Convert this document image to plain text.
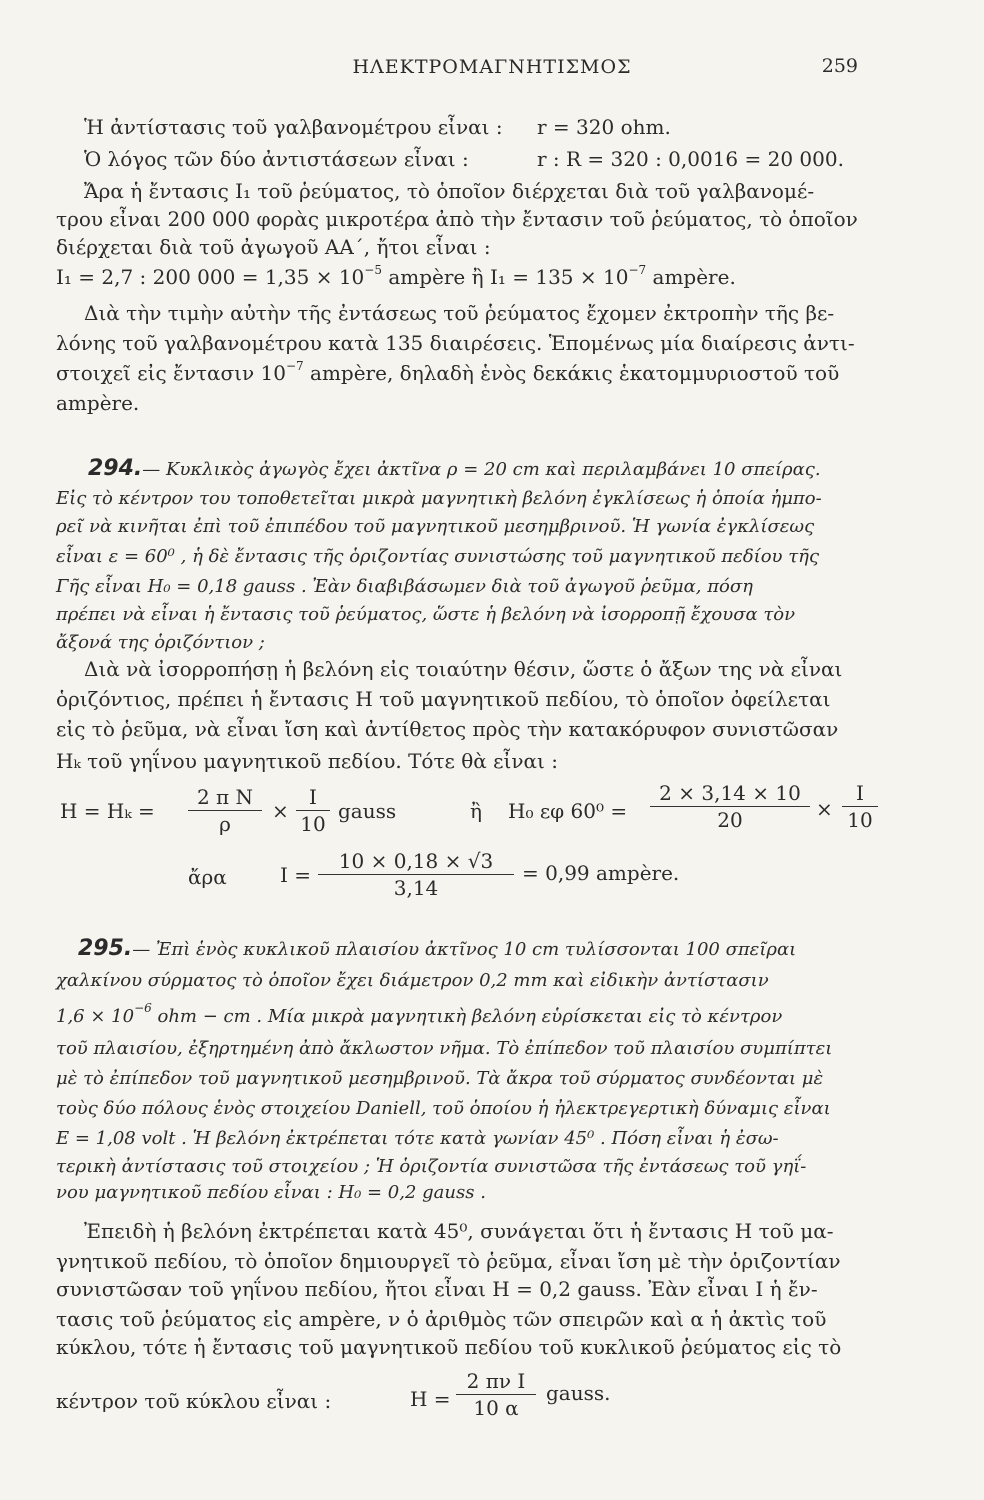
ΗΛΕΚΤΡΟΜΑΓΝΗΤΙΣΜΟΣ	259
Ἡ ἀντίστασις τοῦ γαλβανομέτρου εἶναι : r = 320 ohm.
Ὁ λόγος τῶν δύο ἀντιστάσεων εἶναι :	r : R = 320 : 0,0016 = 20 000.
Ἄρα ἡ ἔντασις I₁ τοῦ ῥεύματος, τὸ ὁποῖον διέρχεται διὰ τοῦ γαλβανομέ-
τρου εἶναι 200 000 φορὰς μικροτέρα ἀπὸ τὴν ἔντασιν τοῦ ῥεύματος, τὸ ὁποῖον
διέρχεται διὰ τοῦ ἀγωγοῦ ΑΑ΄, ἤτοι εἶναι :
I₁ = 2,7 : 200 $000 = 1,35 \times 10^{-5}$ ampère ἢ $I_1 = 135 \times 10^{-7}$ ampère.
Διὰ τὴν τιμὴν αὐτὴν τῆς ἐντάσεως τοῦ ῥεύματος ἔχομεν ἐκτροπὴν τῆς βε-
λόνης τοῦ γαλβανομέτρου κατὰ 135 διαιρέσεις. Ἑπομένως μία διαίρεσις ἀντι-
στοιχεῖ εἰς ἔντασιν $10^{-7}$ ampère, δηλαδὴ ἑνὸς δεκάκις ἑκατομμυριοστοῦ τοῦ
ampère.
294.— Κυκλικὸς ἀγωγὸς ἔχει ἀκτῖνα ρ = 20 cm καὶ περιλαμβάνει 10 σπείρας.
Εἰς τὸ κέντρον του τοποθετεῖται μικρὰ μαγνητικὴ βελόνη ἐγκλίσεως ἡ ὁποία ἠμπο-
ρεῖ νὰ κινῆται ἐπὶ τοῦ ἐπιπέδου τοῦ μαγνητικοῦ μεσημβρινοῦ. Ἡ γωνία ἐγκλίσεως
εἶναι ε = 60⁰ , ἡ δὲ ἔντασις τῆς ὁριζοντίας συνιστώσης τοῦ μαγνητικοῦ πεδίου τῆς
Γῆς εἶναι H₀ = 0,18 gauss . Ἐὰν διαβιβάσωμεν διὰ τοῦ ἀγωγοῦ ῥεῦμα, πόση
πρέπει νὰ εἶναι ἡ ἔντασις τοῦ ῥεύματος, ὥστε ἡ βελόνη νὰ ἰσορροπῇ ἔχουσα τὸν
ἄξονά της ὁριζόντιον ;
Διὰ νὰ ἰσορροπήσῃ ἡ βελόνη εἰς τοιαύτην θέσιν, ὥστε ὁ ἄξων της νὰ εἶναι
ὁριζόντιος, πρέπει ἡ ἔντασις H τοῦ μαγνητικοῦ πεδίου, τὸ ὁποῖον ὀφείλεται
εἰς τὸ ῥεῦμα, νὰ εἶναι ἴση καὶ ἀντίθετος πρὸς τὴν κατακόρυφον συνιστῶσαν
Hₖ τοῦ γηΐνου μαγνητικοῦ πεδίου. Τότε θὰ εἶναι :
$H = H_k = \frac{\text{2 π N}}{\rho} \times \frac{I}{10}$ gauss	ἢ H₀ εφ $60^0 = \frac{2 \times 3,14 \times 10}{20} \times \frac{I}{10}$
ἄρα	$I = \frac{10 \times 0,18 \times √3}{3,14} = 0,99$ ampère.
295.— Ἐπὶ ἑνὸς κυκλικοῦ πλαισίου ἀκτῖνος 10 cm τυλίσσονται 100 σπεῖραι
χαλκίνου σύρματος τὸ ὁποῖον ἔχει διάμετρον 0,2 mm καὶ εἰδικὴν ἀντίστασιν
$1,6 \times 10^{-6}$ ohm − cm . Μία μικρὰ μαγνητικὴ βελόνη εὑρίσκεται εἰς τὸ κέντρον
τοῦ πλαισίου, ἐξηρτημένη ἀπὸ ἄκλωστον νῆμα. Τὸ ἐπίπεδον τοῦ πλαισίου συμπίπτει
μὲ τὸ ἐπίπεδον τοῦ μαγνητικοῦ μεσημβρινοῦ. Τὰ ἄκρα τοῦ σύρματος συνδέονται μὲ
τοὺς δύο πόλους ἑνὸς στοιχείου Daniell, τοῦ ὁποίου ἡ ἠλεκτρεγερτικὴ δύναμις εἶναι
E = 1,08 volt . Ἡ βελόνη ἐκτρέπεται τότε κατὰ γωνίαν 45⁰ . Πόση εἶναι ἡ ἐσω-
τερικὴ ἀντίστασις τοῦ στοιχείου ; Ἡ ὁριζοντία συνιστῶσα τῆς ἐντάσεως τοῦ γηΐ-
νου μαγνητικοῦ πεδίου εἶναι : H₀ = 0,2 gauss .
Ἐπειδὴ ἡ βελόνη ἐκτρέπεται κατὰ 45⁰, συνάγεται ὅτι ἡ ἔντασις H τοῦ μα-
γνητικοῦ πεδίου, τὸ ὁποῖον δημιουργεῖ τὸ ῥεῦμα, εἶναι ἴση μὲ τὴν ὁριζοντίαν
συνιστῶσαν τοῦ γηΐνου πεδίου, ἤτοι εἶναι H = 0,2 gauss. Ἐὰν εἶναι I ἡ ἔν-
τασις τοῦ ῥεύματος εἰς ampère, ν ὁ ἀριθμὸς τῶν σπειρῶν καὶ α ἡ ἀκτὶς τοῦ
κύκλου, τότε ἡ ἔντασις τοῦ μαγνητικοῦ πεδίου τοῦ κυκλικοῦ ῥεύματος εἰς τὸ
κέντρον τοῦ κύκλου εἶναι :	$H = \frac{\text{2 πν I}}{10 \alpha}$ gauss.
